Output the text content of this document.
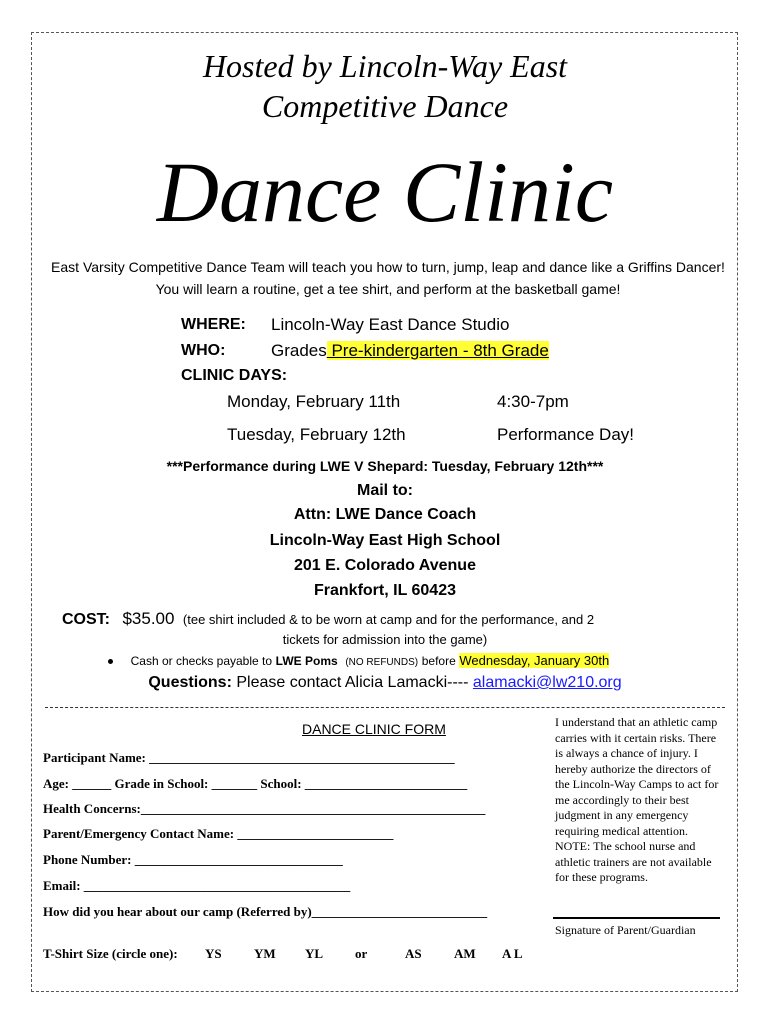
Hosted by Lincoln-Way East
Competitive Dance
Dance Clinic
East Varsity Competitive Dance Team will teach you how to turn, jump, leap and dance like a Griffins Dancer! You will learn a routine, get a tee shirt, and perform at the basketball game!
WHERE: Lincoln-Way East Dance Studio
WHO:	Grades Pre-kindergarten - 8th Grade
CLINIC DAYS:
Monday, February 11th	4:30-7pm
Tuesday, February 12th	Performance Day!
***Performance during LWE V Shepard: Tuesday, February 12th***
Mail to:
Attn: LWE Dance Coach
Lincoln-Way East High School
201 E. Colorado Avenue
Frankfort, IL 60423
COST: $35.00 (tee shirt included & to be worn at camp and for the performance, and 2
tickets for admission into the game)
Cash or checks payable to LWE Poms (NO REFUNDS) before Wednesday, January 30th
Questions: Please contact Alicia Lamacki---- alamacki@lw210.org
DANCE CLINIC FORM
Participant Name: _______________________________________________
Age: ______ Grade in School: _______ School: _________________________
Health Concerns:_____________________________________________________
Parent/Emergency Contact Name: ________________________
Phone Number: ________________________________
Email: _________________________________________
How did you hear about our camp (Referred by)___________________________
T-Shirt Size (circle one): YS YM YL or	AS AM A L
I understand that an athletic camp carries with it certain risks. There is always a chance of injury. I hereby authorize the directors of the Lincoln-Way Camps to act for me accordingly to their best judgment in any emergency requiring medical attention. NOTE: The school nurse and athletic trainers are not available for these programs.
Signature of Parent/Guardian
